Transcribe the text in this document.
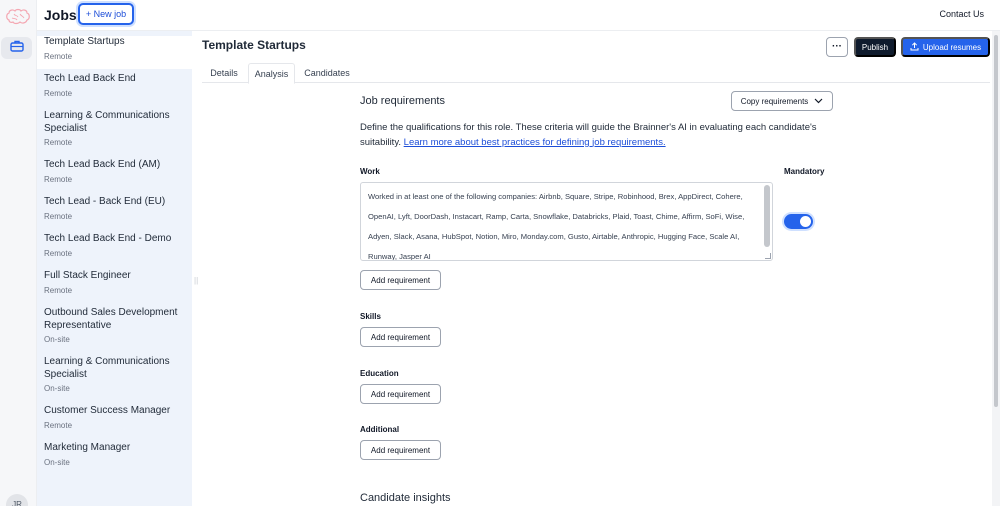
JR
Jobs	+ New job	Contact Us
Template Startups
Remote
Tech Lead Back End
Remote
Learning & Communications Specialist
Remote
Tech Lead Back End (AM)
Remote
Tech Lead - Back End (EU)
Remote
Tech Lead Back End - Demo
Remote
Full Stack Engineer
Remote
Outbound Sales Development Representative
On-site
Learning & Communications Specialist
On-site
Customer Success Manager
Remote
Marketing Manager
On-site
||
Template Startups	···	Publish	Upload resumes
Details	Analysis	Candidates
Job requirements	Copy requirements
Define the qualifications for this role. These criteria will guide the Brainner's AI in evaluating each candidate's suitability. Learn more about best practices for defining job requirements.
Work	Mandatory
Worked in at least one of the following companies: Airbnb, Square, Stripe, Robinhood, Brex, AppDirect, Cohere, OpenAI, Lyft, DoorDash, Instacart, Ramp, Carta, Snowflake, Databricks, Plaid, Toast, Chime, Affirm, SoFi, Wise, Adyen, Slack, Asana, HubSpot, Notion, Miro, Monday.com, Gusto, Airtable, Anthropic, Hugging Face, Scale AI, Runway, Jasper AI
Add requirement
Skills
Add requirement
Education
Add requirement
Additional
Add requirement
Candidate insights
